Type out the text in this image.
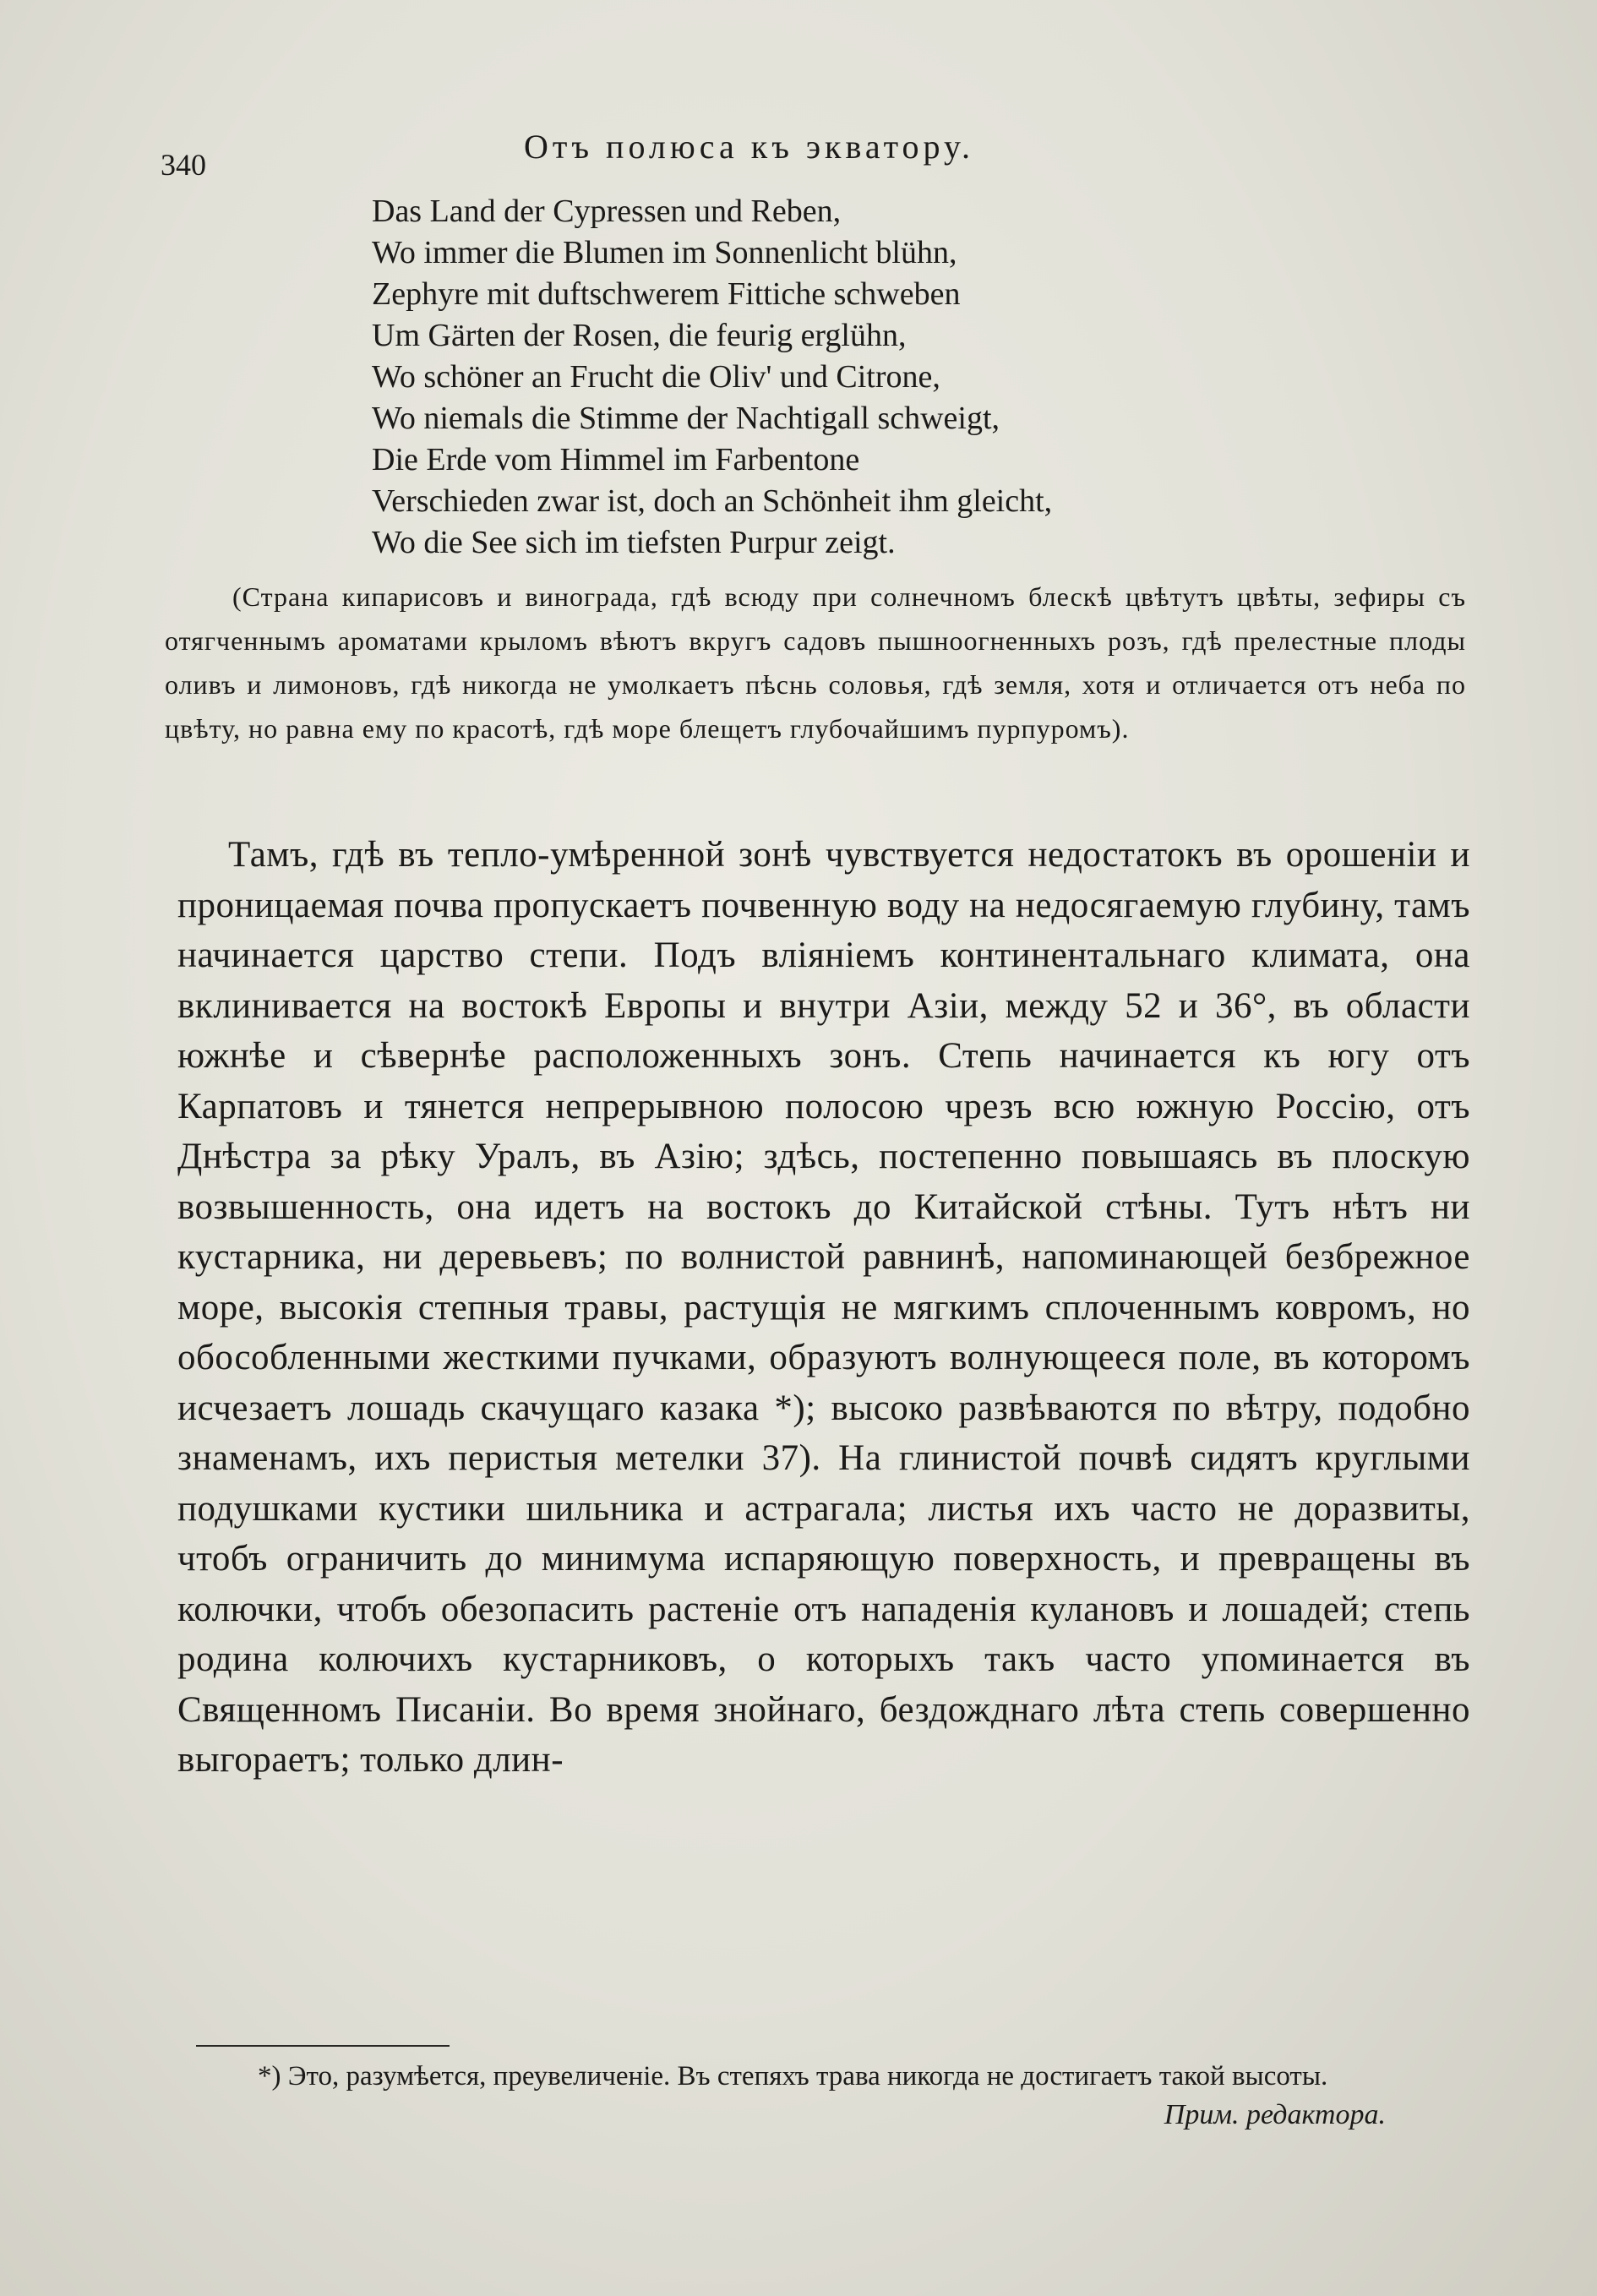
340	Отъ полюса къ экватору.
Das Land der Cypressen und Reben,
Wo immer die Blumen im Sonnenlicht blühn,
Zephyre mit duftschwerem Fittiche schweben
Um Gärten der Rosen, die feurig erglühn,
Wo schöner an Frucht die Oliv' und Citrone,
Wo niemals die Stimme der Nachtigall schweigt,
Die Erde vom Himmel im Farbentone
Verschieden zwar ist, doch an Schönheit ihm gleicht,
Wo die See sich im tiefsten Purpur zeigt.

(Страна кипарисовъ и винограда, гдѣ всюду при солнечномъ блескѣ цвѣтутъ цвѣты, зефиры съ отягченнымъ ароматами крыломъ вѣютъ вкругъ садовъ пышноогненныхъ розъ, гдѣ прелестные плоды оливъ и лимоновъ, гдѣ никогда не умолкаетъ пѣснь соловья, гдѣ земля, хотя и отличается отъ неба по цвѣту, но равна ему по красотѣ, гдѣ море блещетъ глубочайшимъ пурпуромъ).

Тамъ, гдѣ въ тепло-умѣренной зонѣ чувствуется недостатокъ въ орошеніи и проницаемая почва пропускаетъ почвенную воду на недосягаемую глубину, тамъ начинается царство степи. Подъ вліяніемъ континентальнаго климата, она вклинивается на востокѣ Европы и внутри Азіи, между 52 и 36°, въ области южнѣе и сѣвернѣе расположенныхъ зонъ. Степь начинается къ югу отъ Карпатовъ и тянется непрерывною полосою чрезъ всю южную Россію, отъ Днѣстра за рѣку Уралъ, въ Азію; здѣсь, постепенно повышаясь въ плоскую возвышенность, она идетъ на востокъ до Китайской стѣны. Тутъ нѣтъ ни кустарника, ни деревьевъ; по волнистой равнинѣ, напоминающей безбрежное море, высокія степныя травы, растущія не мягкимъ сплоченнымъ ковромъ, но обособленными жесткими пучками, образуютъ волнующееся поле, въ которомъ исчезаетъ лошадь скачущаго казака *); высоко развѣваются по вѣтру, подобно знаменамъ, ихъ перистыя метелки 37). На глинистой почвѣ сидятъ круглыми подушками кустики шильника и астрагала; листья ихъ часто не доразвиты, чтобъ ограничить до минимума испаряющую поверхность, и превращены въ колючки, чтобъ обезопасить растеніе отъ нападенія кулановъ и лошадей; степь родина колючихъ кустарниковъ, о которыхъ такъ часто упоминается въ Священномъ Писаніи. Во время знойнаго, бездожднаго лѣта степь совершенно выгораетъ; только длин-

*) Это, разумѣется, преувеличеніе. Въ степяхъ трава никогда не достигаетъ такой высоты.

Прим. редактора.
